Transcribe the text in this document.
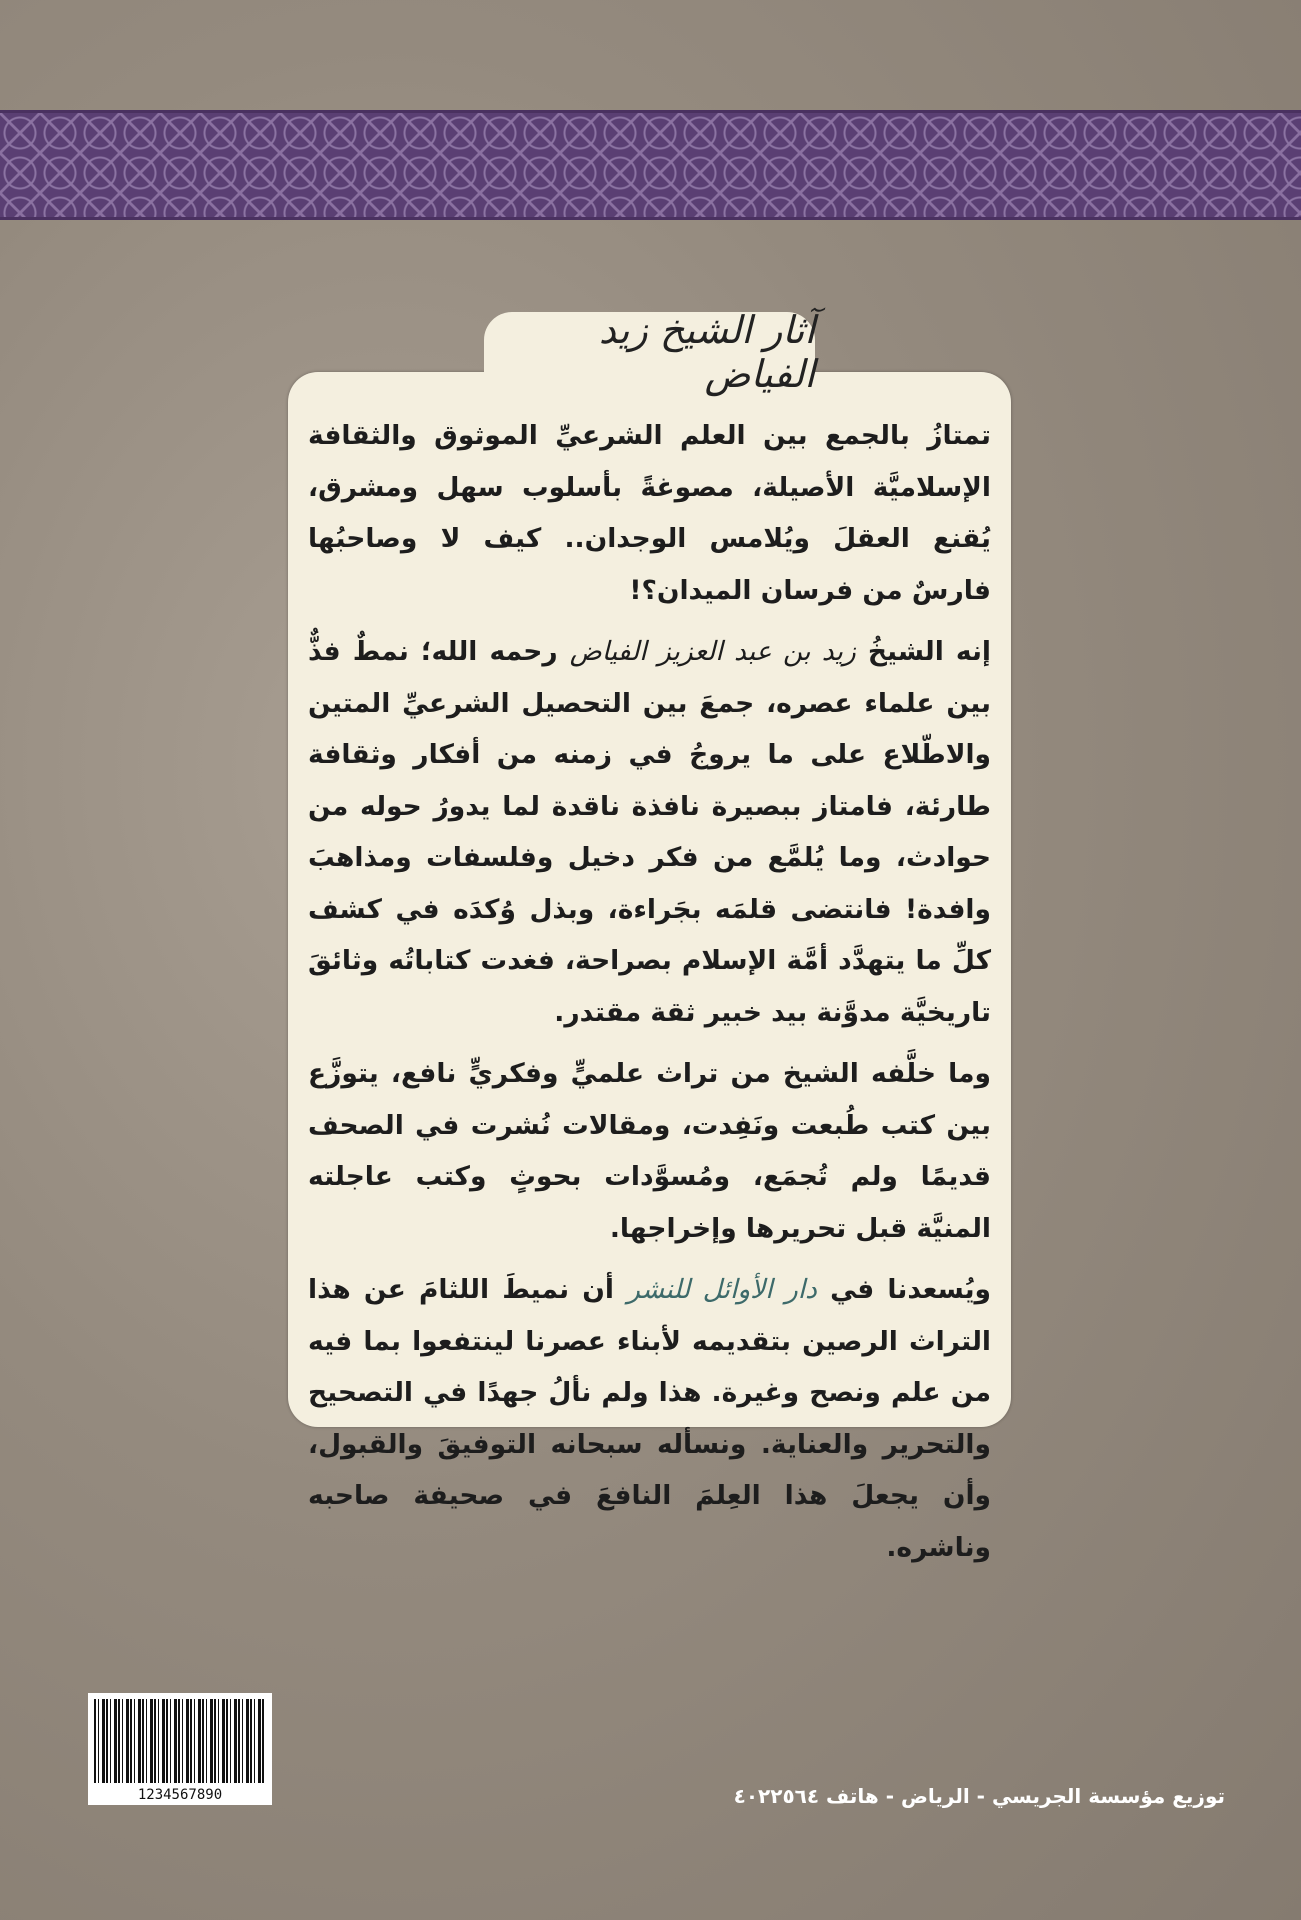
آثار الشيخ زيد الفياض

تمتازُ بالجمع بين العلم الشرعيِّ الموثوق والثقافة الإسلاميَّة الأصيلة، مصوغةً بأسلوب سهل ومشرق، يُقنع العقلَ ويُلامس الوجدان.. كيف لا وصاحبُها فارسٌ من فرسان الميدان؟!

إنه الشيخُ زيد بن عبد العزيز الفياض رحمه الله؛ نمطٌ فذٌّ بين علماء عصره، جمعَ بين التحصيل الشرعيِّ المتين والاطّلاع على ما يروجُ في زمنه من أفكار وثقافة طارئة، فامتاز ببصيرة نافذة ناقدة لما يدورُ حوله من حوادث، وما يُلمَّع من فكر دخيل وفلسفات ومذاهبَ وافدة! فانتضى قلمَه بجَراءة، وبذل وُكدَه في كشف كلِّ ما يتهدَّد أمَّة الإسلام بصراحة، فغدت كتاباتُه وثائقَ تاريخيَّة مدوَّنة بيد خبير ثقة مقتدر.

وما خلَّفه الشيخ من تراث علميٍّ وفكريٍّ نافع، يتوزَّع بين كتب طُبعت ونَفِدت، ومقالات نُشرت في الصحف قديمًا ولم تُجمَع، ومُسوَّدات بحوثٍ وكتب عاجلته المنيَّة قبل تحريرها وإخراجها.

ويُسعدنا في دار الأوائل للنشر أن نميطَ اللثامَ عن هذا التراث الرصين بتقديمه لأبناء عصرنا لينتفعوا بما فيه من علم ونصح وغيرة. هذا ولم نألُ جهدًا في التصحيح والتحرير والعناية. ونسأله سبحانه التوفيقَ والقبول، وأن يجعلَ هذا العِلمَ النافعَ في صحيفة صاحبه وناشره.

1234567890	توزيع مؤسسة الجريسي - الرياض - هاتف ٤٠٢٢٥٦٤
